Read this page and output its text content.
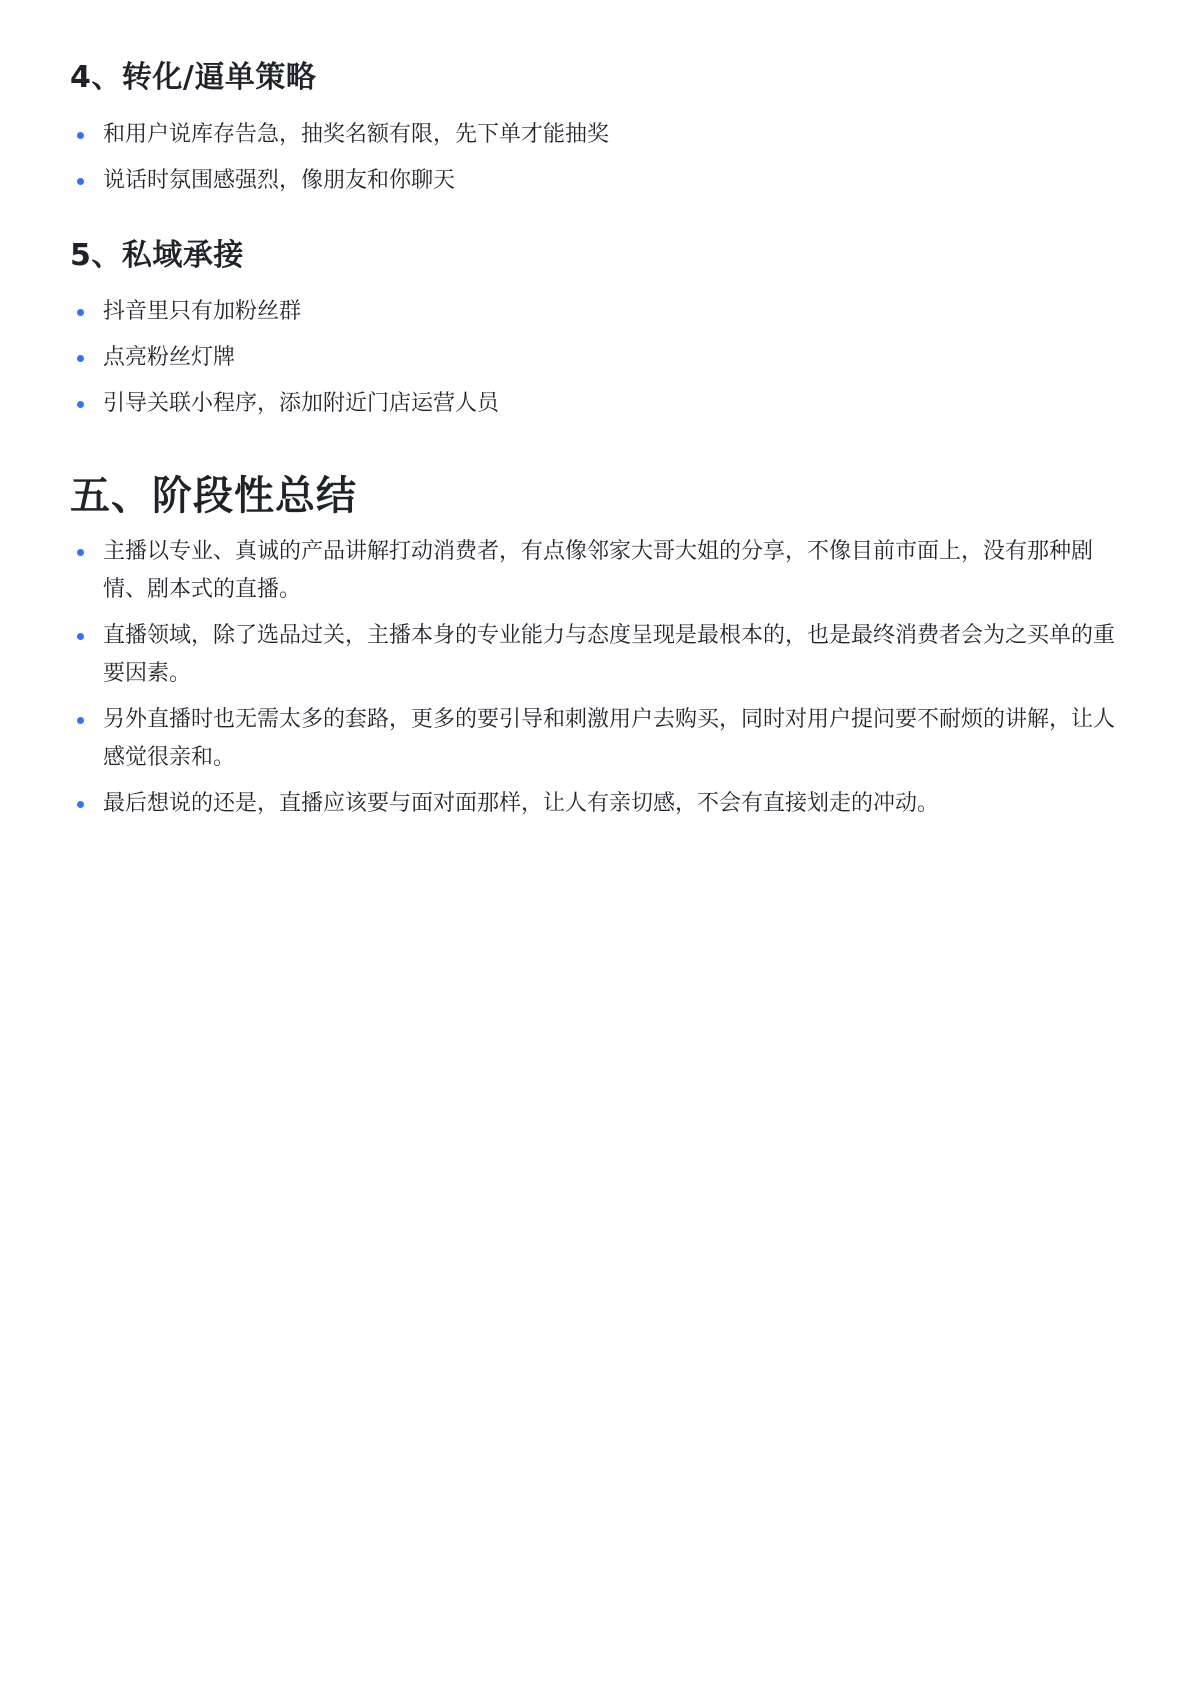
4、转化/逼单策略
和用户说库存告急，抽奖名额有限，先下单才能抽奖
说话时氛围感强烈，像朋友和你聊天
5、私域承接
抖音里只有加粉丝群
点亮粉丝灯牌
引导关联小程序，添加附近门店运营人员
五、阶段性总结
主播以专业、真诚的产品讲解打动消费者，有点像邻家大哥大姐的分享，不像目前市面上，没有那种剧情、剧本式的直播。
直播领域，除了选品过关，主播本身的专业能力与态度呈现是最根本的，也是最终消费者会为之买单的重要因素。
另外直播时也无需太多的套路，更多的要引导和刺激用户去购买，同时对用户提问要不耐烦的讲解，让人感觉很亲和。
最后想说的还是，直播应该要与面对面那样，让人有亲切感，不会有直接划走的冲动。
